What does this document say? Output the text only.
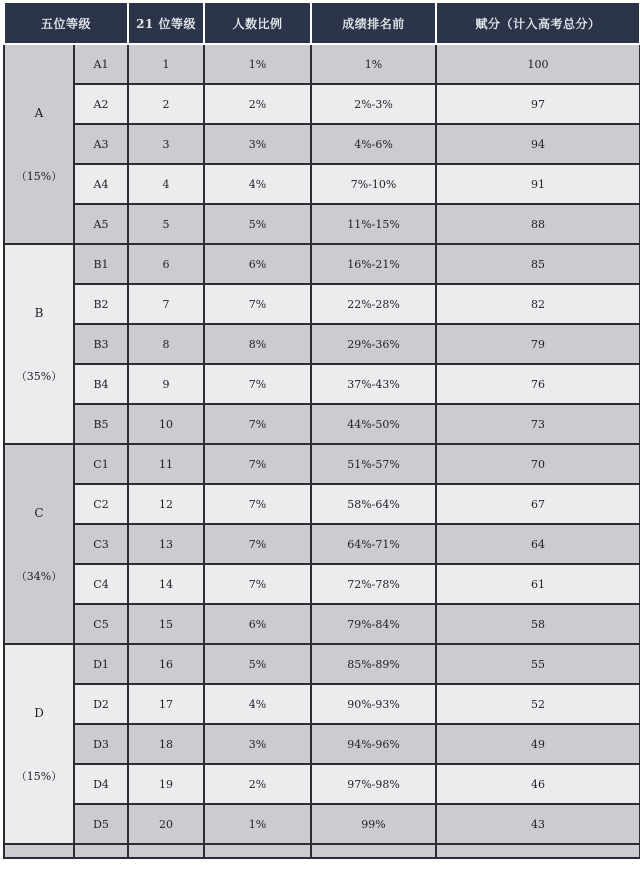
五位等级		21 位等级	人数比例	成绩排名前	赋分（计入高考总分）

A
（15%）	A1	1	1%	1%	100
	A2	2	2%	2%-3%	97
	A3	3	3%	4%-6%	94
	A4	4	4%	7%-10%	91
	A5	5	5%	11%-15%	88

B
（35%）	B1	6	6%	16%-21%	85
	B2	7	7%	22%-28%	82
	B3	8	8%	29%-36%	79
	B4	9	7%	37%-43%	76
	B5	10	7%	44%-50%	73

C
（34%）	C1	11	7%	51%-57%	70
	C2	12	7%	58%-64%	67
	C3	13	7%	64%-71%	64
	C4	14	7%	72%-78%	61
	C5	15	6%	79%-84%	58

D
（15%）	D1	16	5%	85%-89%	55
	D2	17	4%	90%-93%	52
	D3	18	3%	94%-96%	49
	D4	19	2%	97%-98%	46
	D5	20	1%	99%	43
